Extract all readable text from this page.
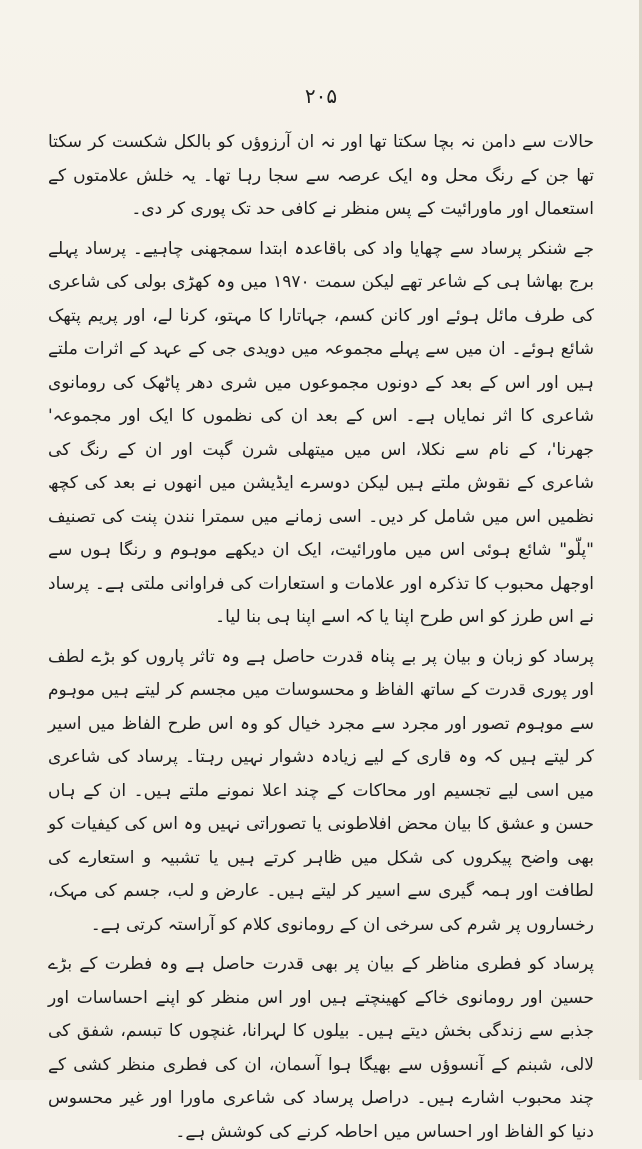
۲۰۵

حالات سے دامن نہ بچا سکتا تھا اور نہ ان آرزوؤں کو بالکل شکست کر سکتا تھا جن کے رنگ محل وہ ایک عرصہ سے سجا رہا تھا۔ یہ خلش علامتوں کے استعمال اور ماورائیت کے پس منظر نے کافی حد تک پوری کر دی۔

جے شنکر پرساد سے چھایا واد کی باقاعدہ ابتدا سمجھنی چاہیے۔ پرساد پہلے برج بھاشا ہی کے شاعر تھے لیکن سمت ۱۹۷۰ میں وہ کھڑی بولی کی شاعری کی طرف مائل ہوئے اور کانن کسم، جہاتارا کا مہتو، کرنا لے، اور پریم پتھک شائع ہوئے۔ ان میں سے پہلے مجموعہ میں دویدی جی کے عہد کے اثرات ملتے ہیں اور اس کے بعد کے دونوں مجموعوں میں شری دھر پاٹھک کی رومانوی شاعری کا اثر نمایاں ہے۔ اس کے بعد ان کی نظموں کا ایک اور مجموعہ' جھرنا'، کے نام سے نکلا، اس میں میتھلی شرن گپت اور ان کے رنگ کی شاعری کے نقوش ملتے ہیں لیکن دوسرے ایڈیشن میں انھوں نے بعد کی کچھ نظمیں اس میں شامل کر دیں۔ اسی زمانے میں سمترا نندن پنت کی تصنیف "پلّو" شائع ہوئی اس میں ماورائیت، ایک ان دیکھے موہوم و رنگا ہوں سے اوجھل محبوب کا تذکرہ اور علامات و استعارات کی فراوانی ملتی ہے۔ پرساد نے اس طرز کو اس طرح اپنا یا کہ اسے اپنا ہی بنا لیا۔

پرساد کو زبان و بیان پر بے پناہ قدرت حاصل ہے وہ تاثر پاروں کو بڑے لطف اور پوری قدرت کے ساتھ الفاظ و محسوسات میں مجسم کر لیتے ہیں موہوم سے موہوم تصور اور مجرد سے مجرد خیال کو وہ اس طرح الفاظ میں اسیر کر لیتے ہیں کہ وہ قاری کے لیے زیادہ دشوار نہیں رہتا۔ پرساد کی شاعری میں اسی لیے تجسیم اور محاکات کے چند اعلا نمونے ملتے ہیں۔ ان کے ہاں حسن و عشق کا بیان محض افلاطونی یا تصوراتی نہیں وہ اس کی کیفیات کو بھی واضح پیکروں کی شکل میں ظاہر کرتے ہیں یا تشبیہ و استعارے کی لطافت اور ہمہ گیری سے اسیر کر لیتے ہیں۔ عارض و لب، جسم کی مہک، رخساروں پر شرم کی سرخی ان کے رومانوی کلام کو آراستہ کرتی ہے۔

پرساد کو فطری مناظر کے بیان پر بھی قدرت حاصل ہے وہ فطرت کے بڑے حسین اور رومانوی خاکے کھینچتے ہیں اور اس منظر کو اپنے احساسات اور جذبے سے زندگی بخش دیتے ہیں۔ بیلوں کا لہرانا، غنچوں کا تبسم، شفق کی لالی، شبنم کے آنسوؤں سے بھیگا ہوا آسمان، ان کی فطری منظر کشی کے چند محبوب اشارے ہیں۔ دراصل پرساد کی شاعری ماورا اور غیر محسوس دنیا کو الفاظ اور احساس میں احاطہ کرنے کی کوشش ہے۔
